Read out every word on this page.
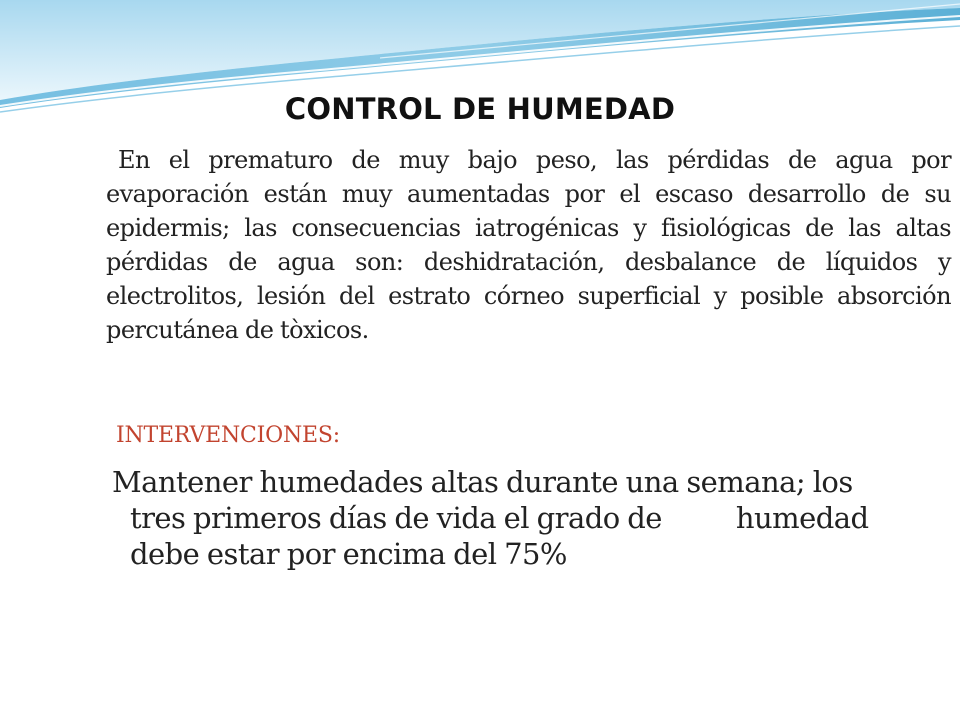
CONTROL DE HUMEDAD
En el prematuro de muy bajo peso, las pérdidas de agua por evaporación están muy aumentadas por el escaso desarrollo de su epidermis; las consecuencias iatrogénicas y fisiológicas de las altas pérdidas de agua son: deshidratación, desbalance de líquidos y electrolitos, lesión del estrato córneo superficial y posible absorción percutánea de tòxicos.
INTERVENCIONES:
Mantener humedades altas durante una semana; los
tres primeros días de vida el grado de	humedad
debe estar por encima del 75%
